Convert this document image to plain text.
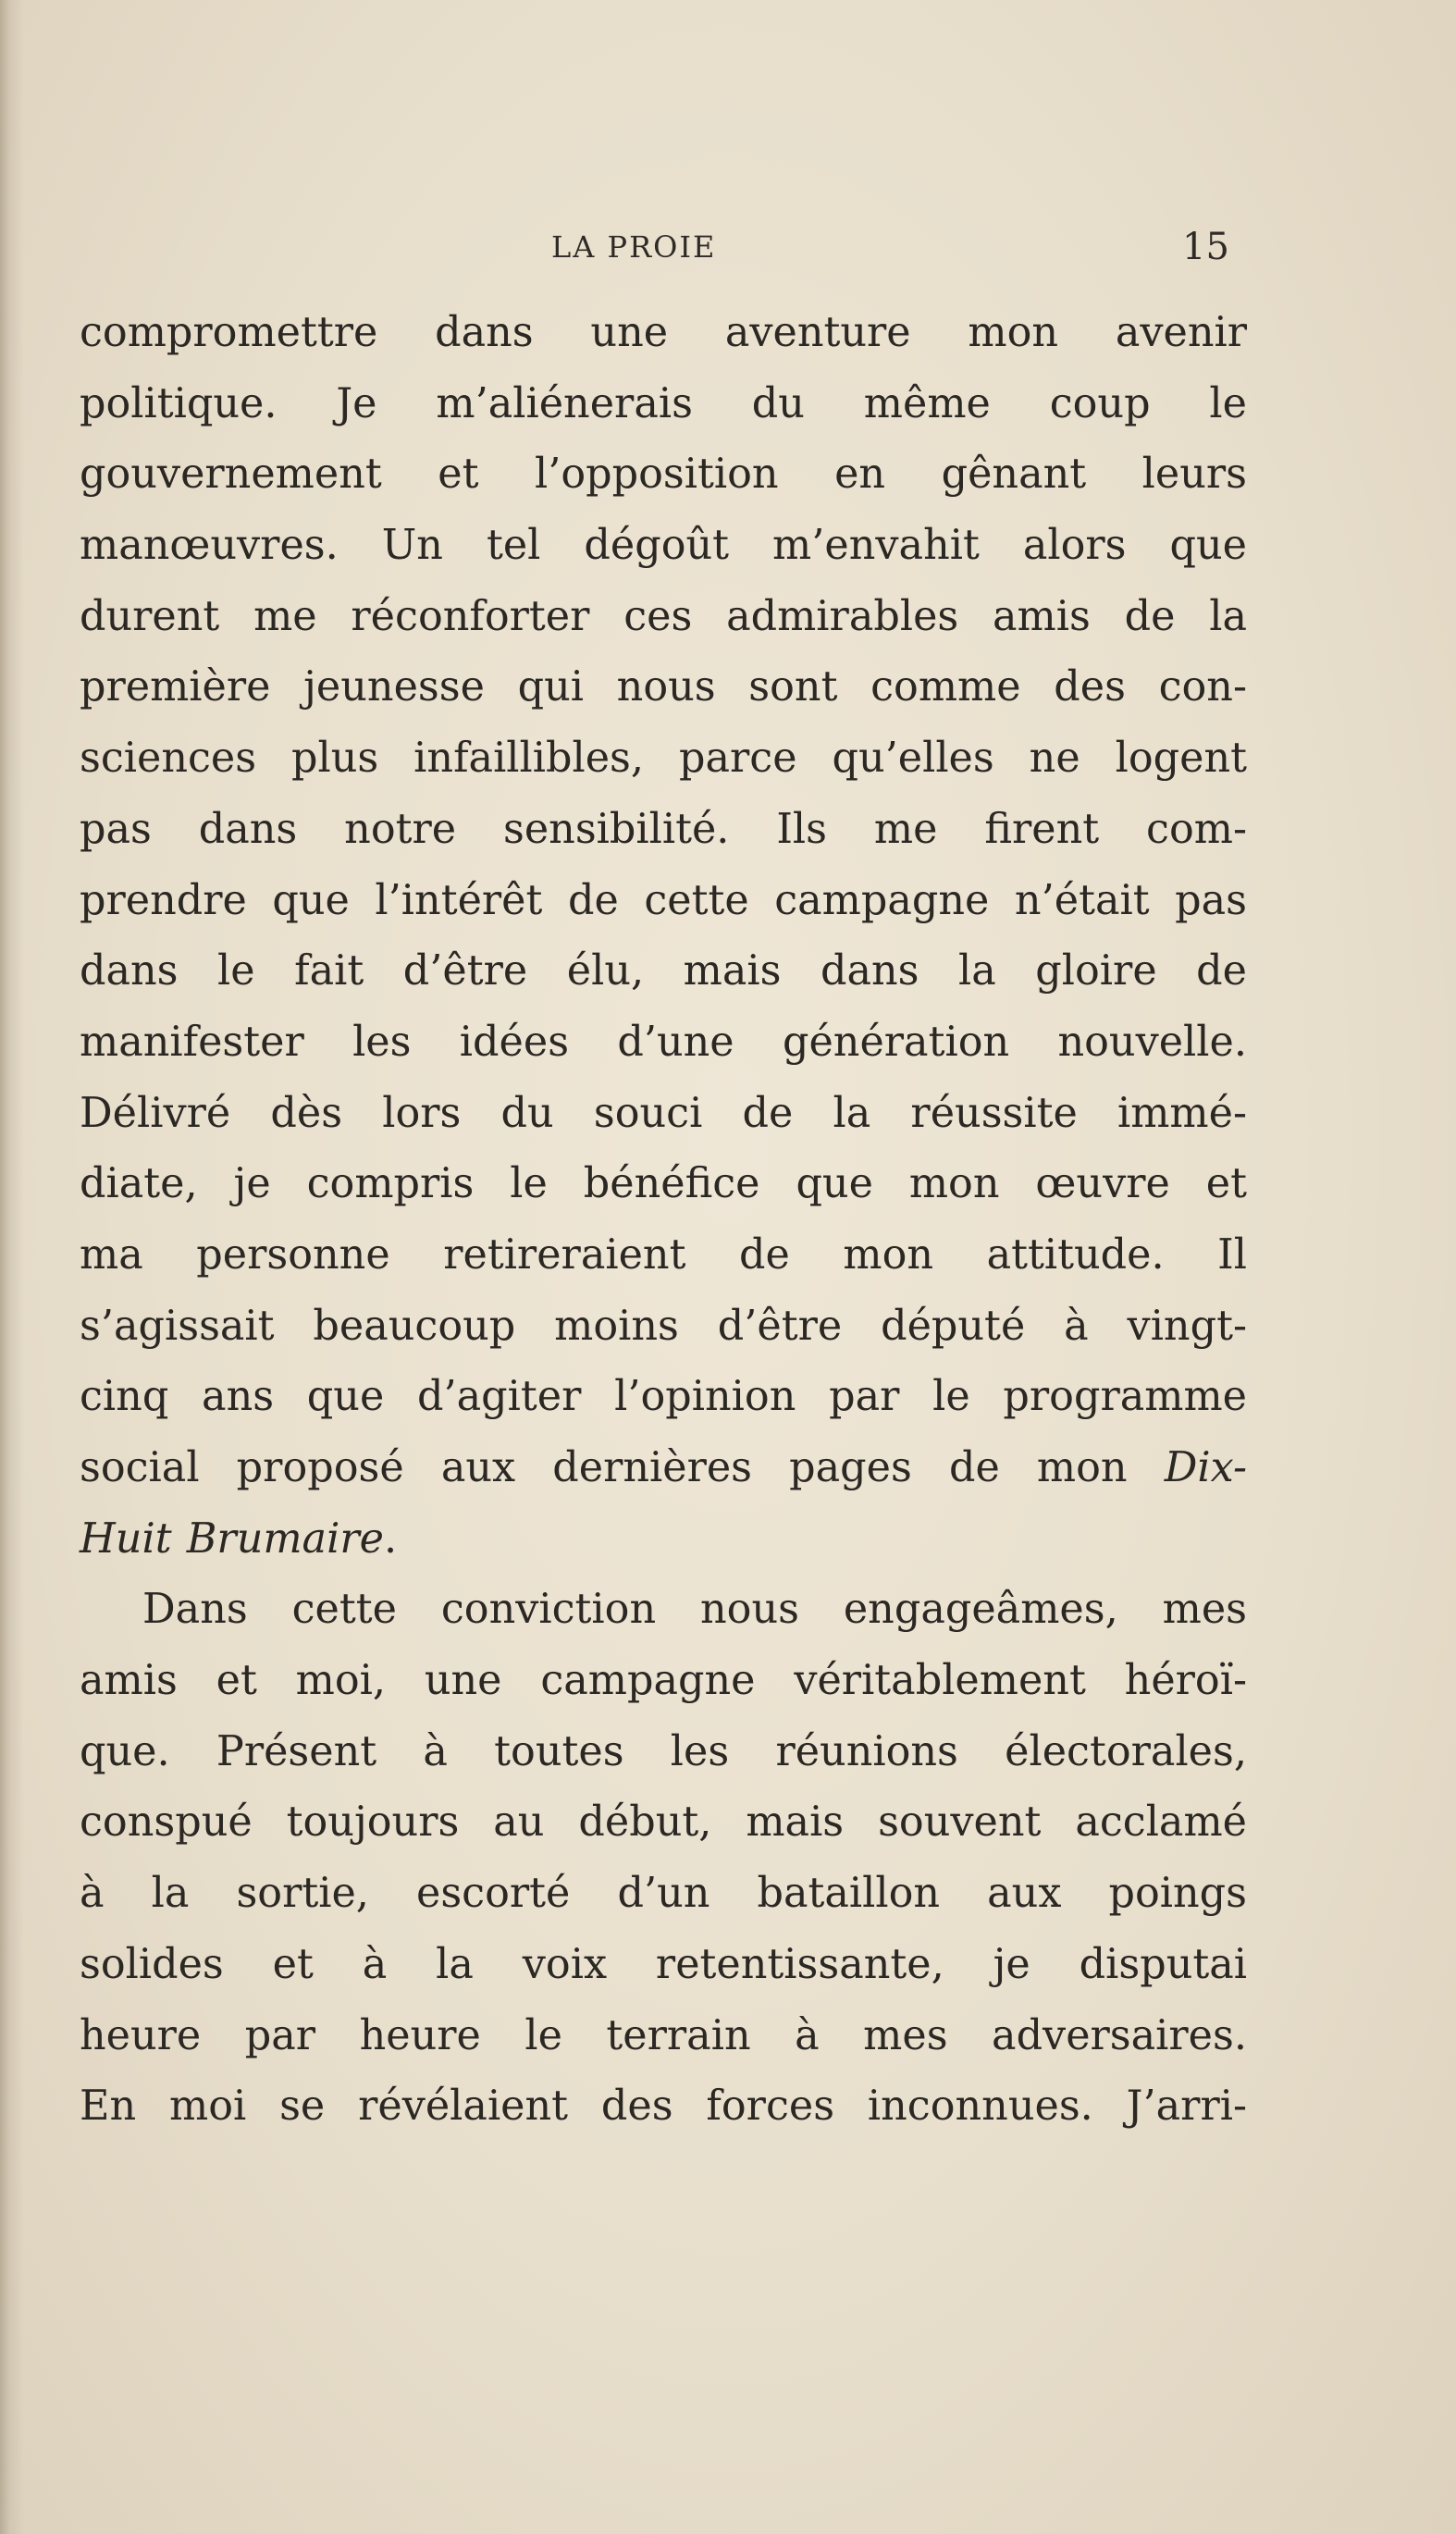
LA PROIE	15
compromettre dans une aventure mon avenir
politique. Je m’aliénerais du même coup le
gouvernement et l’opposition en gênant leurs
manœuvres. Un tel dégoût m’envahit alors que
durent me réconforter ces admirables amis de la
première jeunesse qui nous sont comme des con-
sciences plus infaillibles, parce qu’elles ne logent
pas dans notre sensibilité. Ils me firent com-
prendre que l’intérêt de cette campagne n’était pas
dans le fait d’être élu, mais dans la gloire de
manifester les idées d’une génération nouvelle.
Délivré dès lors du souci de la réussite immé-
diate, je compris le bénéfice que mon œuvre et
ma personne retireraient de mon attitude. Il
s’agissait beaucoup moins d’être député à vingt-
cinq ans que d’agiter l’opinion par le programme
social proposé aux dernières pages de mon Dix-
Huit Brumaire.
Dans cette conviction nous engageâmes, mes
amis et moi, une campagne véritablement héroï-
que. Présent à toutes les réunions électorales,
conspué toujours au début, mais souvent acclamé
à la sortie, escorté d’un bataillon aux poings
solides et à la voix retentissante, je disputai
heure par heure le terrain à mes adversaires.
En moi se révélaient des forces inconnues. J’arri-
